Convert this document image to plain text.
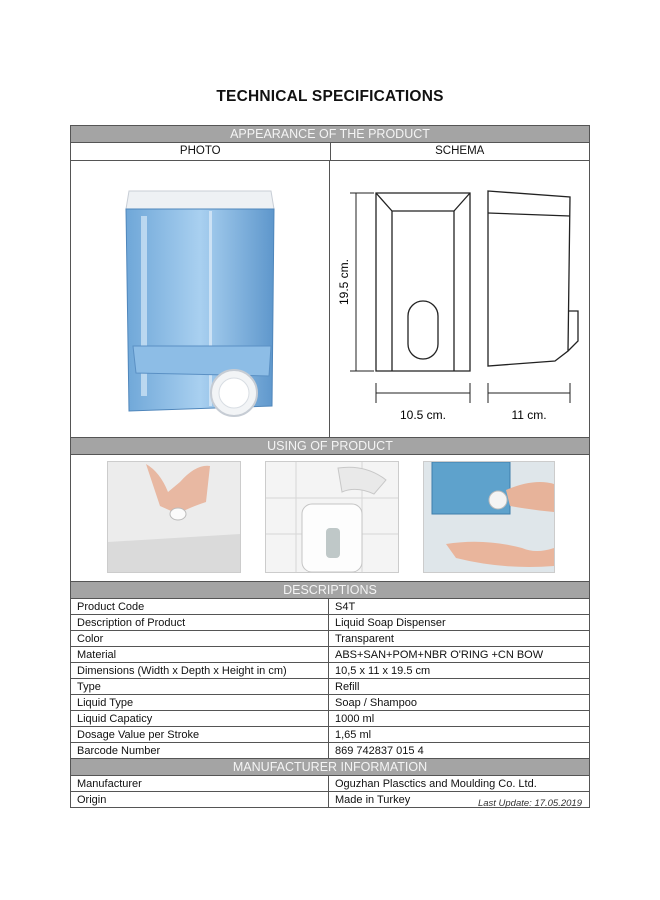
TECHNICAL SPECIFICATIONS
APPEARANCE OF THE PRODUCT
PHOTO	SCHEMA
19.5 cm.
10.5 cm.	11 cm.
USING OF PRODUCT
DESCRIPTIONS
Product Code	S4T
Description of Product	Liquid Soap Dispenser
Color	Transparent
Material	ABS+SAN+POM+NBR O'RING +CN BOW
Dimensions (Width x Depth x Height in cm)	10,5 x 11 x 19.5 cm
Type	Refill
Liquid Type	Soap / Shampoo
Liquid Capaticy	1000 ml
Dosage Value per Stroke	1,65 ml
Barcode Number	869 742837 015 4
MANUFACTURER INFORMATION
Manufacturer	Oguzhan Plasctics and Moulding Co. Ltd.
Origin	Made in Turkey	Last Update: 17.05.2019
